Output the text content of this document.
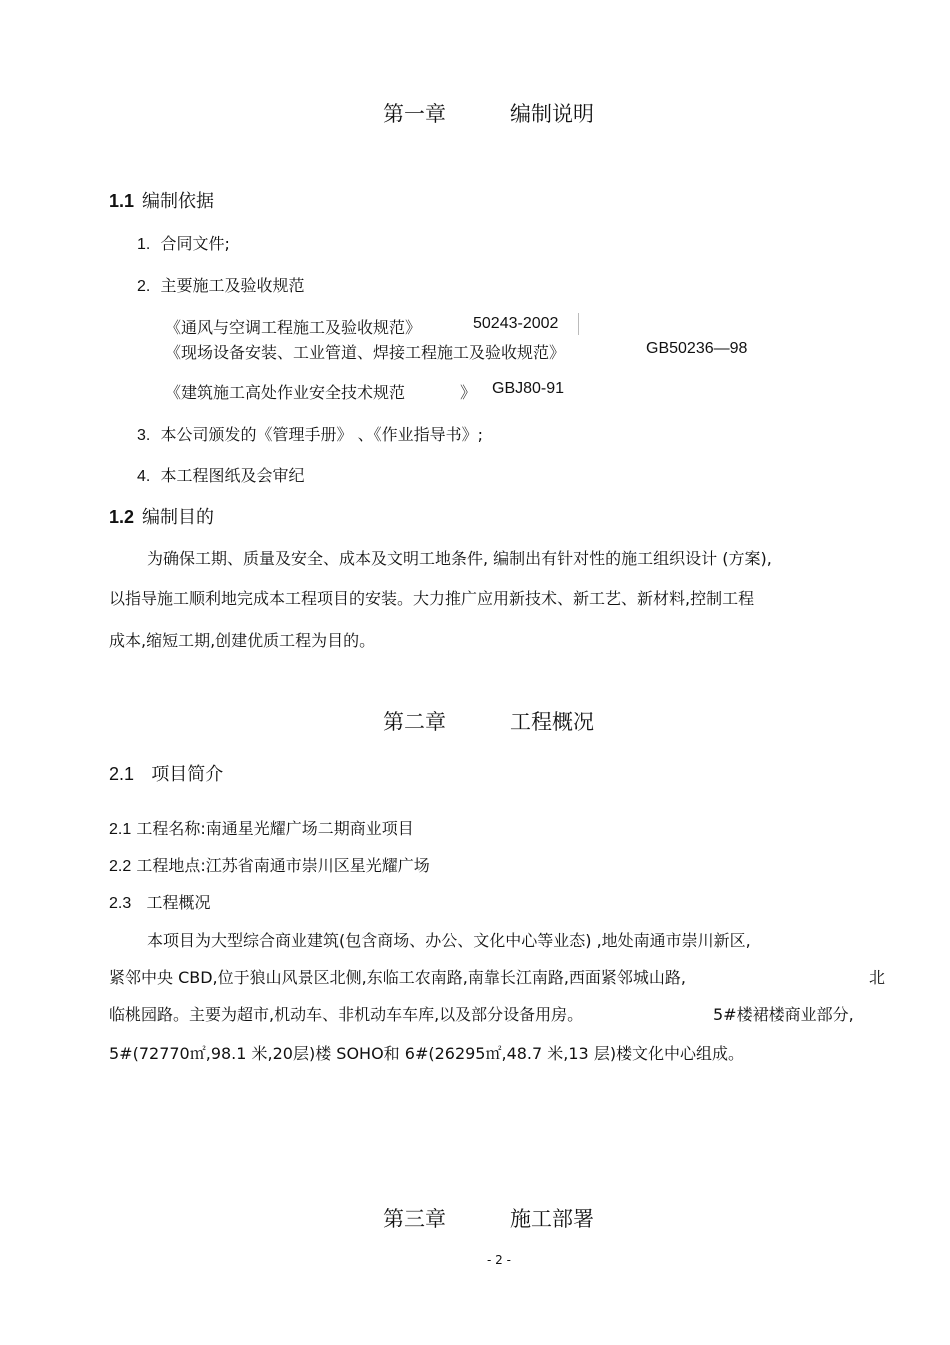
第一章	编制说明
1.1 编制依据
1. 合同文件;
2. 主要施工及验收规范
《通风与空调工程施工及验收规范》	50243-2002
《现场设备安装、工业管道、焊接工程施工及验收规范》	GB50236—98
《建筑施工高处作业安全技术规范	》 GBJ80-91
3. 本公司颁发的《管理手册》 、《作业指导书》;
4. 本工程图纸及会审纪
1.2 编制目的
为确保工期、质量及安全、成本及文明工地条件, 编制出有针对性的施工组织设计 (方案),
以指导施工顺利地完成本工程项目的安装。大力推广应用新技术、新工艺、新材料,控制工程
成本,缩短工期,创建优质工程为目的。
第二章	工程概况
2.1 项目简介
2.1 工程名称:南通星光耀广场二期商业项目
2.2 工程地点:江苏省南通市崇川区星光耀广场
2.3 工程概况
本项目为大型综合商业建筑(包含商场、办公、文化中心等业态) ,地处南通市崇川新区,
紧邻中央 CBD,位于狼山风景区北侧,东临工农南路,南靠长江南路,西面紧邻城山路,	北
临桃园路。主要为超市,机动车、非机动车车库,以及部分设备用房。	5#楼裙楼商业部分,
5#(72770㎡,98.1 米,20层)楼 SOHO和 6#(26295㎡,48.7 米,13 层)楼文化中心组成。
第三章	施工部署
- 2 -
